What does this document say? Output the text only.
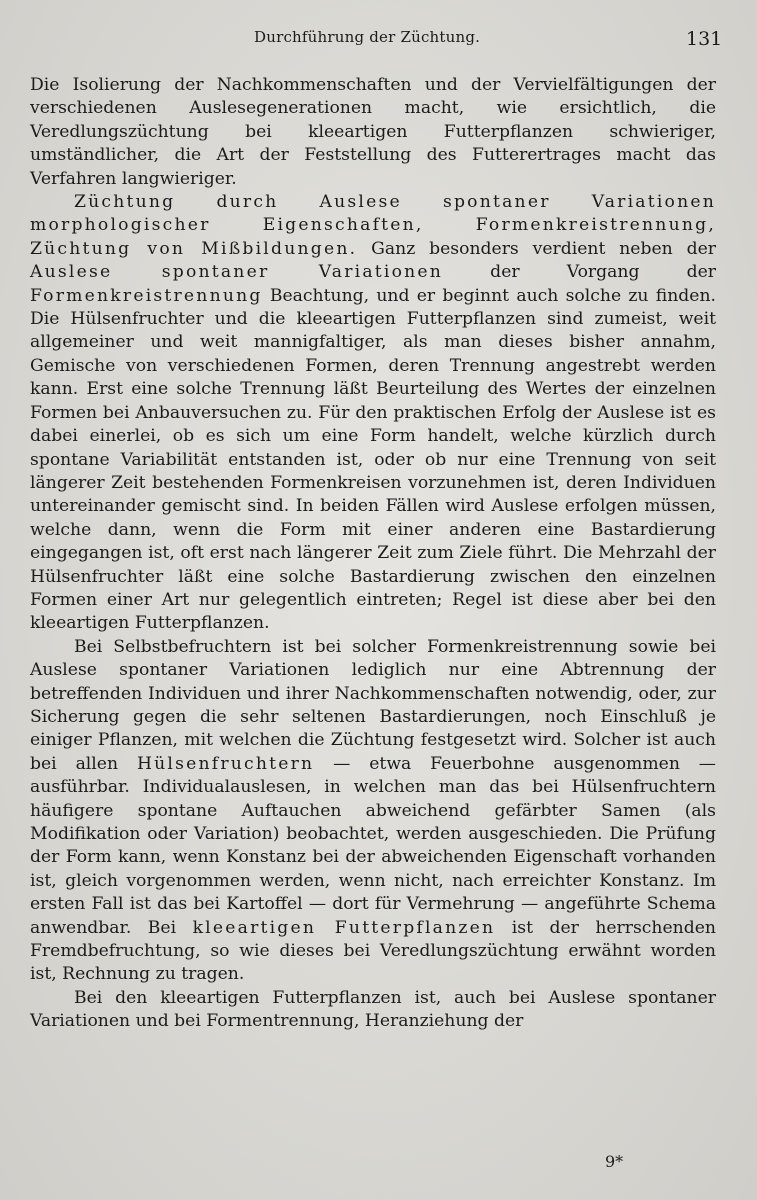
Durchführung der Züchtung.	131

Die Isolierung der Nachkommenschaften und der Vervielfältigungen der verschiedenen Auslesegenerationen macht, wie ersichtlich, die Veredlungszüchtung bei kleeartigen Futterpflanzen schwieriger, umständlicher, die Art der Feststellung des Futterertrages macht das Verfahren langwieriger.

Züchtung durch Auslese spontaner Variationen morphologischer Eigenschaften, Formenkreistrennung, Züchtung von Mißbildungen. Ganz besonders verdient neben der Auslese spontaner Variationen der Vorgang der Formenkreistrennung Beachtung, und er beginnt auch solche zu finden. Die Hülsenfruchter und die kleeartigen Futterpflanzen sind zumeist, weit allgemeiner und weit mannigfaltiger, als man dieses bisher annahm, Gemische von verschiedenen Formen, deren Trennung angestrebt werden kann. Erst eine solche Trennung läßt Beurteilung des Wertes der einzelnen Formen bei Anbauversuchen zu. Für den praktischen Erfolg der Auslese ist es dabei einerlei, ob es sich um eine Form handelt, welche kürzlich durch spontane Variabilität entstanden ist, oder ob nur eine Trennung von seit längerer Zeit bestehenden Formenkreisen vorzunehmen ist, deren Individuen untereinander gemischt sind. In beiden Fällen wird Auslese erfolgen müssen, welche dann, wenn die Form mit einer anderen eine Bastardierung eingegangen ist, oft erst nach längerer Zeit zum Ziele führt. Die Mehrzahl der Hülsenfruchter läßt eine solche Bastardierung zwischen den einzelnen Formen einer Art nur gelegentlich eintreten; Regel ist diese aber bei den kleeartigen Futterpflanzen.

Bei Selbstbefruchtern ist bei solcher Formenkreistrennung sowie bei Auslese spontaner Variationen lediglich nur eine Abtrennung der betreffenden Individuen und ihrer Nachkommenschaften notwendig, oder, zur Sicherung gegen die sehr seltenen Bastardierungen, noch Einschluß je einiger Pflanzen, mit welchen die Züchtung festgesetzt wird. Solcher ist auch bei allen Hülsenfruchtern — etwa Feuerbohne ausgenommen — ausführbar. Individualauslesen, in welchen man das bei Hülsenfruchtern häufigere spontane Auftauchen abweichend gefärbter Samen (als Modifikation oder Variation) beobachtet, werden ausgeschieden. Die Prüfung der Form kann, wenn Konstanz bei der abweichenden Eigenschaft vorhanden ist, gleich vorgenommen werden, wenn nicht, nach erreichter Konstanz. Im ersten Fall ist das bei Kartoffel — dort für Vermehrung — angeführte Schema anwendbar. Bei kleeartigen Futterpflanzen ist der herrschenden Fremdbefruchtung, so wie dieses bei Veredlungszüchtung erwähnt worden ist, Rechnung zu tragen.

Bei den kleeartigen Futterpflanzen ist, auch bei Auslese spontaner Variationen und bei Formentrennung, Heranziehung der

9*
